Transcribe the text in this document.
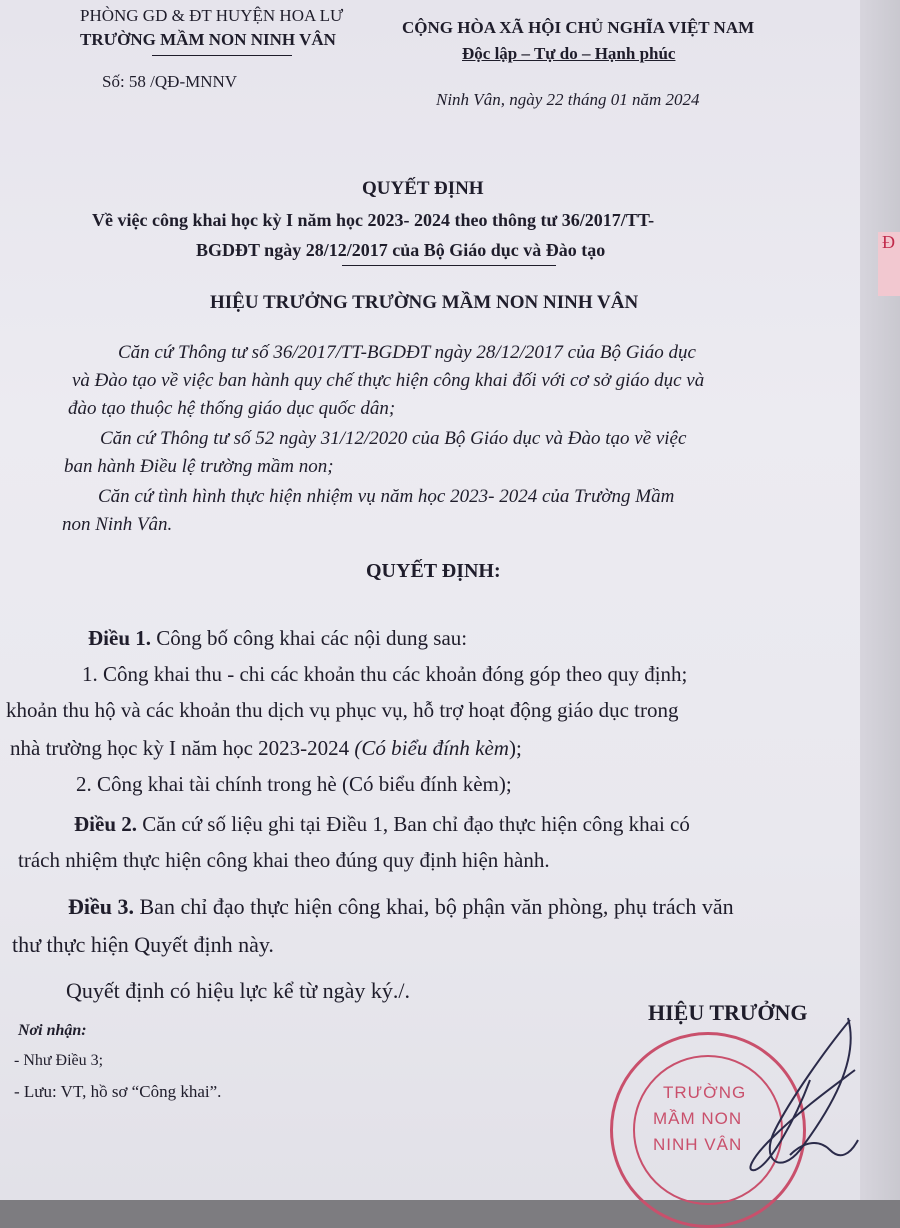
Đ
PHÒNG GD & ĐT HUYỆN HOA LƯ
TRƯỜNG MẦM NON NINH VÂN
Số: 58 /QĐ-MNNV
CỘNG HÒA XÃ HỘI CHỦ NGHĨA VIỆT NAM
Độc lập – Tự do – Hạnh phúc
Ninh Vân, ngày 22 tháng 01 năm 2024
QUYẾT ĐỊNH
Về việc công khai học kỳ I năm học 2023- 2024 theo thông tư 36/2017/TT-
BGDĐT ngày 28/12/2017 của Bộ Giáo dục và Đào tạo
HIỆU TRƯỞNG TRƯỜNG MẦM NON NINH VÂN
Căn cứ Thông tư số 36/2017/TT-BGDĐT ngày 28/12/2017 của Bộ Giáo dục
và Đào tạo về việc ban hành quy chế thực hiện công khai đối với cơ sở giáo dục và
đào tạo thuộc hệ thống giáo dục quốc dân;
Căn cứ Thông tư số 52 ngày 31/12/2020 của Bộ Giáo dục và Đào tạo về việc
ban hành Điều lệ trường mầm non;
Căn cứ tình hình thực hiện nhiệm vụ năm học 2023- 2024 của Trường Mầm
non Ninh Vân.
QUYẾT ĐỊNH:
Điều 1. Công bố công khai các nội dung sau:
1. Công khai thu - chi các khoản thu các khoản đóng góp theo quy định;
khoản thu hộ và các khoản thu dịch vụ phục vụ, hỗ trợ hoạt động giáo dục trong
nhà trường học kỳ I năm học 2023-2024 (Có biểu đính kèm);
2. Công khai tài chính trong hè (Có biểu đính kèm);
Điều 2. Căn cứ số liệu ghi tại Điều 1, Ban chỉ đạo thực hiện công khai có
trách nhiệm thực hiện công khai theo đúng quy định hiện hành.
Điều 3. Ban chỉ đạo thực hiện công khai, bộ phận văn phòng, phụ trách văn
thư thực hiện Quyết định này.
Quyết định có hiệu lực kể từ ngày ký./.
Nơi nhận:
- Như Điều 3;
- Lưu: VT, hồ sơ “Công khai”.
HIỆU TRƯỞNG
TRƯỜNG
MẦM NON
NINH VÂN
